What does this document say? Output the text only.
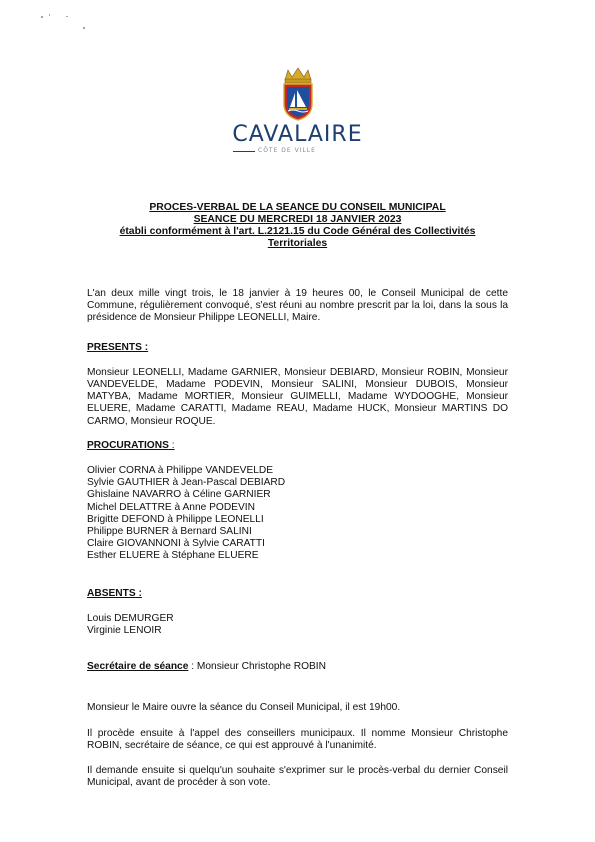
CAVALAIRE
CÔTE DE VILLE
PROCES-VERBAL DE LA SEANCE DU CONSEIL MUNICIPAL
SEANCE DU MERCREDI 18 JANVIER 2023
établi conformément à l'art. L.2121.15 du Code Général des Collectivités
Territoriales

L'an deux mille vingt trois, le 18 janvier à 19 heures 00, le Conseil Municipal de cette Commune, régulièrement convoqué, s'est réuni au nombre prescrit par la loi, dans la sous la présidence de Monsieur Philippe LEONELLI, Maire.

PRESENTS :

Monsieur LEONELLI, Madame GARNIER, Monsieur DEBIARD, Monsieur ROBIN, Monsieur VANDEVELDE, Madame PODEVIN, Monsieur SALINI, Monsieur DUBOIS, Monsieur MATYBA, Madame MORTIER, Monsieur GUIMELLI, Madame WYDOOGHE, Monsieur ELUERE, Madame CARATTI, Madame REAU, Madame HUCK, Monsieur MARTINS DO CARMO, Monsieur ROQUE.

PROCURATIONS :

Olivier CORNA à Philippe VANDEVELDE
Sylvie GAUTHIER à Jean-Pascal DEBIARD
Ghislaine NAVARRO à Céline GARNIER
Michel DELATTRE à Anne PODEVIN
Brigitte DEFOND à Philippe LEONELLI
Philippe BURNER à Bernard SALINI
Claire GIOVANNONI à Sylvie CARATTI
Esther ELUERE à Stéphane ELUERE

ABSENTS :

Louis DEMURGER
Virginie LENOIR

Secrétaire de séance : Monsieur Christophe ROBIN

Monsieur le Maire ouvre la séance du Conseil Municipal, il est 19h00.

Il procède ensuite à l'appel des conseillers municipaux. Il nomme Monsieur Christophe ROBIN, secrétaire de séance, ce qui est approuvé à l'unanimité.

Il demande ensuite si quelqu'un souhaite s'exprimer sur le procès-verbal du dernier Conseil Municipal, avant de procéder à son vote.
